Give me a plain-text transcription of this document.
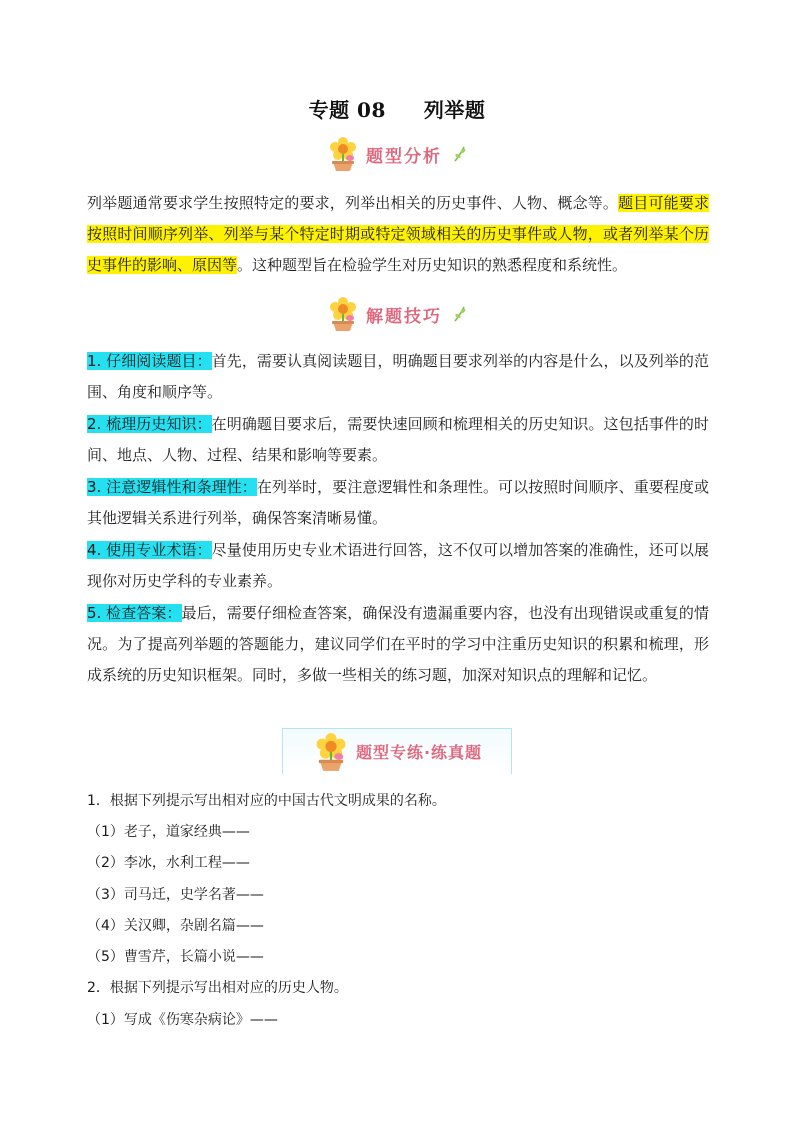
专题 08 列举题
题型分析
列举题通常要求学生按照特定的要求，列举出相关的历史事件、人物、概念等。题目可能要求按照时间顺序列举、列举与某个特定时期或特定领域相关的历史事件或人物，或者列举某个历史事件的影响、原因等。这种题型旨在检验学生对历史知识的熟悉程度和系统性。
解题技巧
1. 仔细阅读题目：首先，需要认真阅读题目，明确题目要求列举的内容是什么，以及列举的范围、角度和顺序等。
2. 梳理历史知识：在明确题目要求后，需要快速回顾和梳理相关的历史知识。这包括事件的时间、地点、人物、过程、结果和影响等要素。
3. 注意逻辑性和条理性：在列举时，要注意逻辑性和条理性。可以按照时间顺序、重要程度或其他逻辑关系进行列举，确保答案清晰易懂。
4. 使用专业术语：尽量使用历史专业术语进行回答，这不仅可以增加答案的准确性，还可以展现你对历史学科的专业素养。
5. 检查答案：最后，需要仔细检查答案，确保没有遗漏重要内容，也没有出现错误或重复的情况。为了提高列举题的答题能力，建议同学们在平时的学习中注重历史知识的积累和梳理，形成系统的历史知识框架。同时，多做一些相关的练习题，加深对知识点的理解和记忆。
题型专练·练真题
1．根据下列提示写出相对应的中国古代文明成果的名称。
（1）老子，道家经典——
（2）李冰，水利工程——
（3）司马迁，史学名著——
（4）关汉卿，杂剧名篇——
（5）曹雪芹，长篇小说——
2．根据下列提示写出相对应的历史人物。
（1）写成《伤寒杂病论》——
